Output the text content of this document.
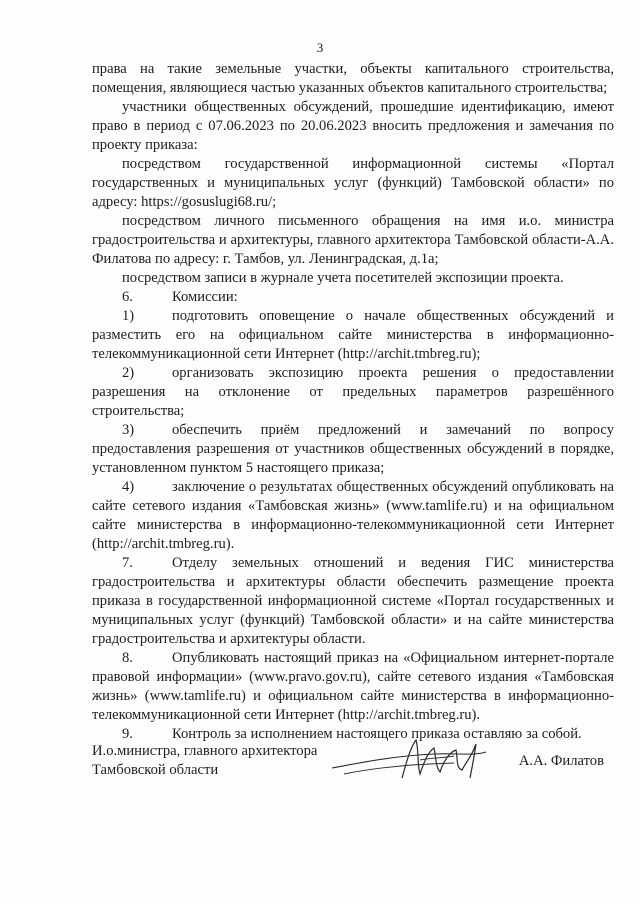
3

права на такие земельные участки, объекты капитального строительства, помещения, являющиеся частью указанных объектов капитального строительства;

участники общественных обсуждений, прошедшие идентификацию, имеют право в период с 07.06.2023 по 20.06.2023 вносить предложения и замечания по проекту приказа:

посредством государственной информационной системы «Портал государственных и муниципальных услуг (функций) Тамбовской области» по адресу: https://gosuslugi68.ru/;

посредством личного письменного обращения на имя и.о. министра градостроительства и архитектуры, главного архитектора Тамбовской области-А.А. Филатова по адресу: г. Тамбов, ул. Ленинградская, д.1а;

посредством записи в журнале учета посетителей экспозиции проекта.

6.	Комиссии:

1)	подготовить оповещение о начале общественных обсуждений и разместить его на официальном сайте министерства в информационно-телекоммуникационной сети Интернет (http://archit.tmbreg.ru);

2)	организовать экспозицию проекта решения о предоставлении разрешения на отклонение от предельных параметров разрешённого строительства;

3)	обеспечить приём предложений и замечаний по вопросу предоставления разрешения от участников общественных обсуждений в порядке, установленном пунктом 5 настоящего приказа;

4)	заключение о результатах общественных обсуждений опубликовать на сайте сетевого издания «Тамбовская жизнь» (www.tamlife.ru) и на официальном сайте министерства в информационно-телекоммуникационной сети Интернет (http://archit.tmbreg.ru).

7.	Отделу земельных отношений и ведения ГИС министерства градостроительства и архитектуры области обеспечить размещение проекта приказа в государственной информационной системе «Портал государственных и муниципальных услуг (функций) Тамбовской области» и на сайте министерства градостроительства и архитектуры области.

8.	Опубликовать настоящий приказ на «Официальном интернет-портале правовой информации» (www.pravo.gov.ru), сайте сетевого издания «Тамбовская жизнь» (www.tamlife.ru) и официальном сайте министерства в информационно-телекоммуникационной сети Интернет (http://archit.tmbreg.ru).

9.	Контроль за исполнением настоящего приказа оставляю за собой.

И.о.министра, главного архитектора
Тамбовской области
А.А. Филатов
